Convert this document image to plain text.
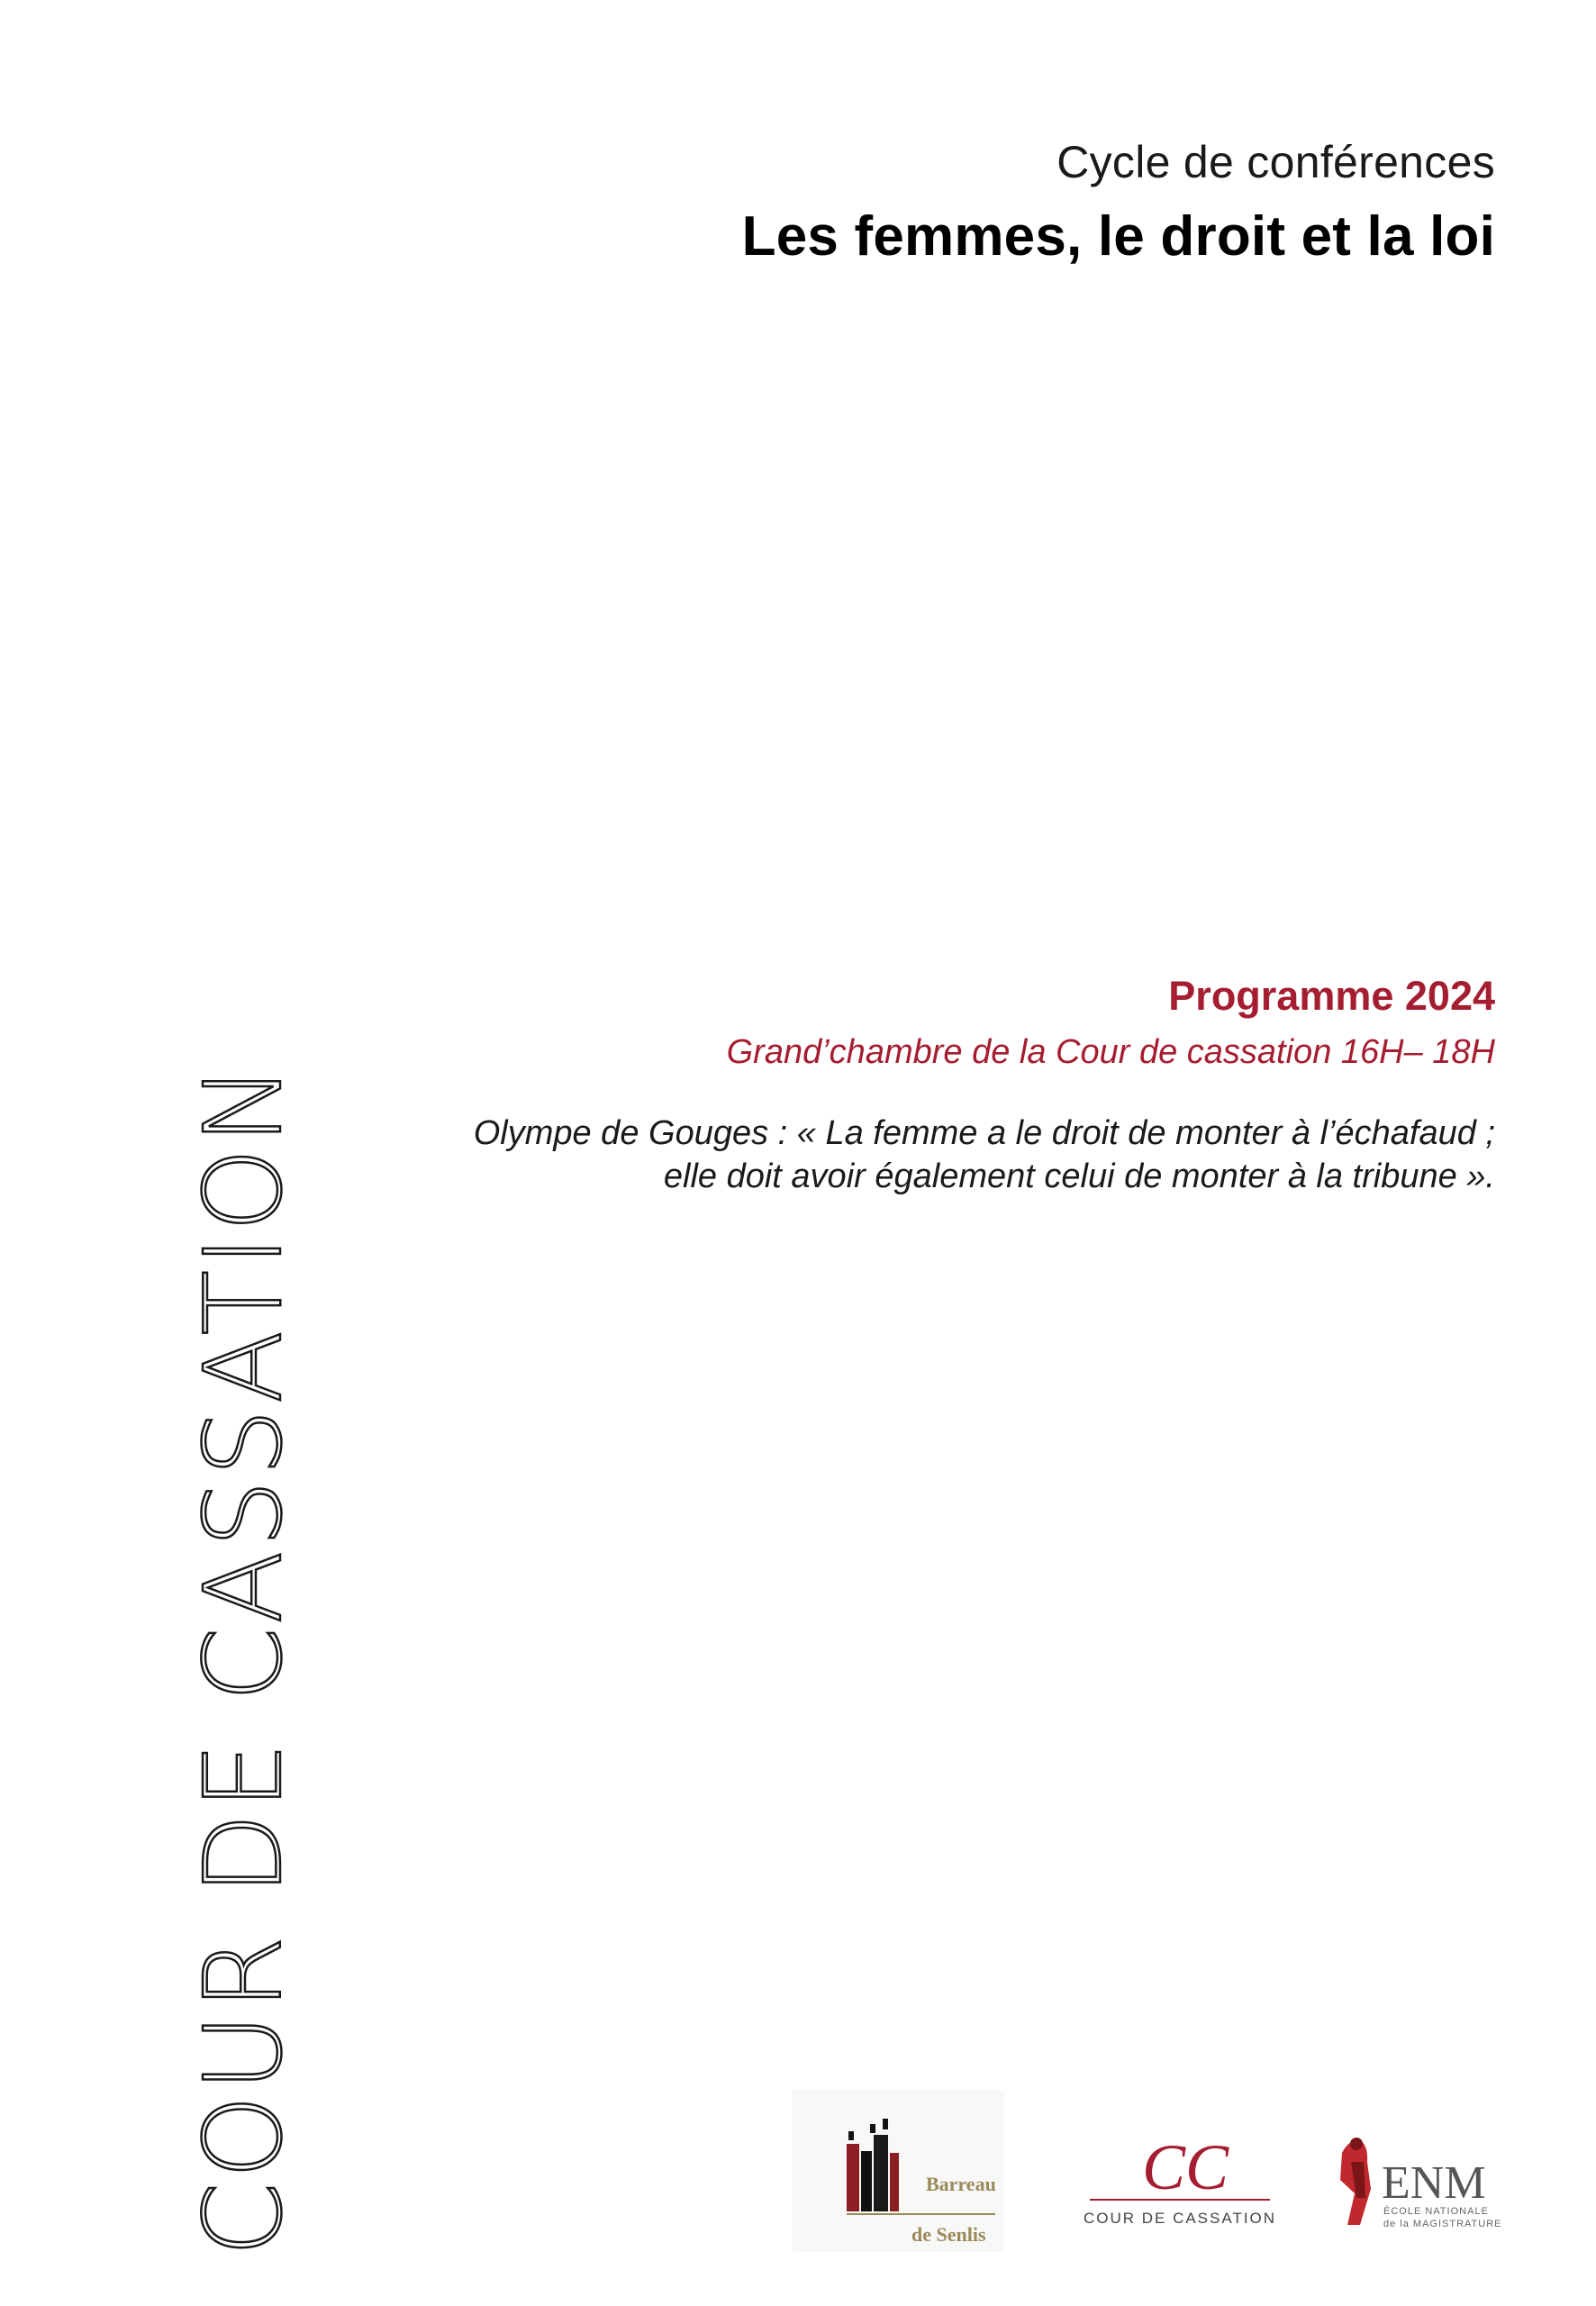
Cycle de conférences
Les femmes, le droit et la loi
COUR DE CASSATION
Programme 2024
Grand’chambre de la Cour de cassation 16H– 18H
Olympe de Gouges : « La femme a le droit de monter à l’échafaud ;
elle doit avoir également celui de monter à la tribune ».
Barreau
de Senlis
CC
COUR DE CASSATION
ENM
ÉCOLE NATIONALE
de la MAGISTRATURE
